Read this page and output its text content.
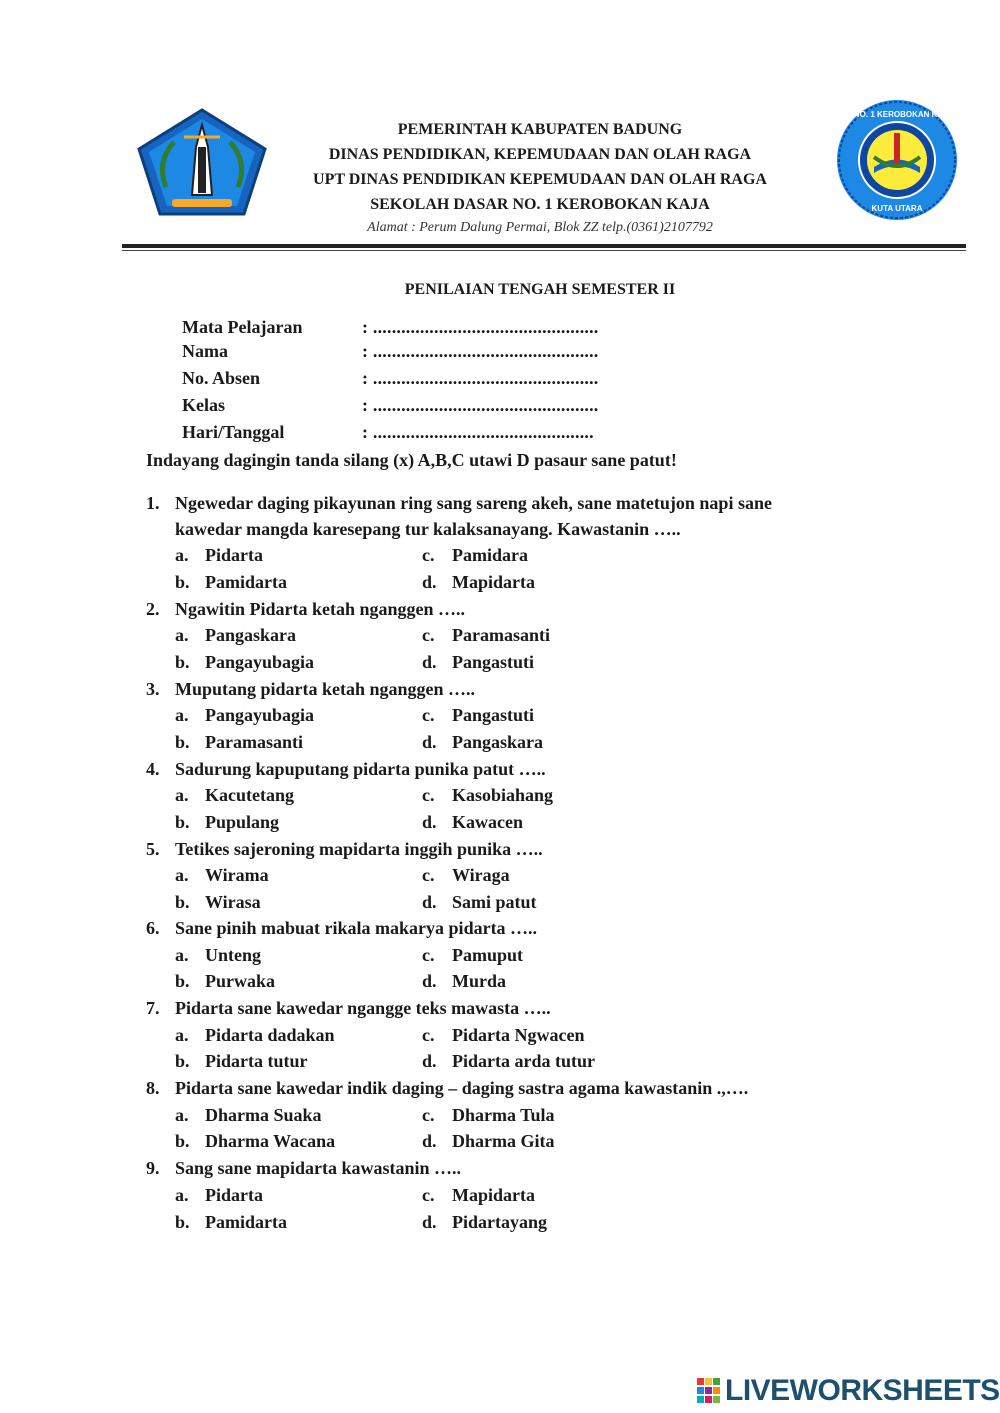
SD NO. 1 KEROBOKAN KAJA
KUTA UTARA
PEMERINTAH KABUPATEN BADUNG
DINAS PENDIDIKAN, KEPEMUDAAN DAN OLAH RAGA
UPT DINAS PENDIDIKAN KEPEMUDAAN DAN OLAH RAGA
SEKOLAH DASAR NO. 1 KEROBOKAN KAJA
Alamat : Perum Dalung Permai, Blok ZZ telp.(0361)2107792
PENILAIAN TENGAH SEMESTER II
Mata Pelajaran	: ................................................
Nama	: ................................................
No. Absen	: ................................................
Kelas	: ................................................
Hari/Tanggal	: ...............................................
Indayang dagingin tanda silang (x) A,B,C utawi D pasaur sane patut!
1. Ngewedar daging pikayunan ring sang sareng akeh, sane matetujon napi sane
kawedar mangda karesepang tur kalaksanayang. Kawastanin …..
a. Pidarta	c. Pamidara
b. Pamidarta	d. Mapidarta
2. Ngawitin Pidarta ketah nganggen …..
a. Pangaskara	c. Paramasanti
b. Pangayubagia	d. Pangastuti
3. Muputang pidarta ketah nganggen …..
a. Pangayubagia	c. Pangastuti
b. Paramasanti	d. Pangaskara
4. Sadurung kapuputang pidarta punika patut …..
a. Kacutetang	c. Kasobiahang
b. Pupulang	d. Kawacen
5. Tetikes sajeroning mapidarta inggih punika …..
a. Wirama	c. Wiraga
b. Wirasa	d. Sami patut
6. Sane pinih mabuat rikala makarya pidarta …..
a. Unteng	c. Pamuput
b. Purwaka	d. Murda
7. Pidarta sane kawedar ngangge teks mawasta …..
a. Pidarta dadakan	c. Pidarta Ngwacen
b. Pidarta tutur	d. Pidarta arda tutur
8. Pidarta sane kawedar indik daging – daging sastra agama kawastanin .,….
a. Dharma Suaka	c. Dharma Tula
b. Dharma Wacana	d. Dharma Gita
9. Sang sane mapidarta kawastanin …..
a. Pidarta	c. Mapidarta
b. Pamidarta	d. Pidartayang
LIVEWORKSHEETS
